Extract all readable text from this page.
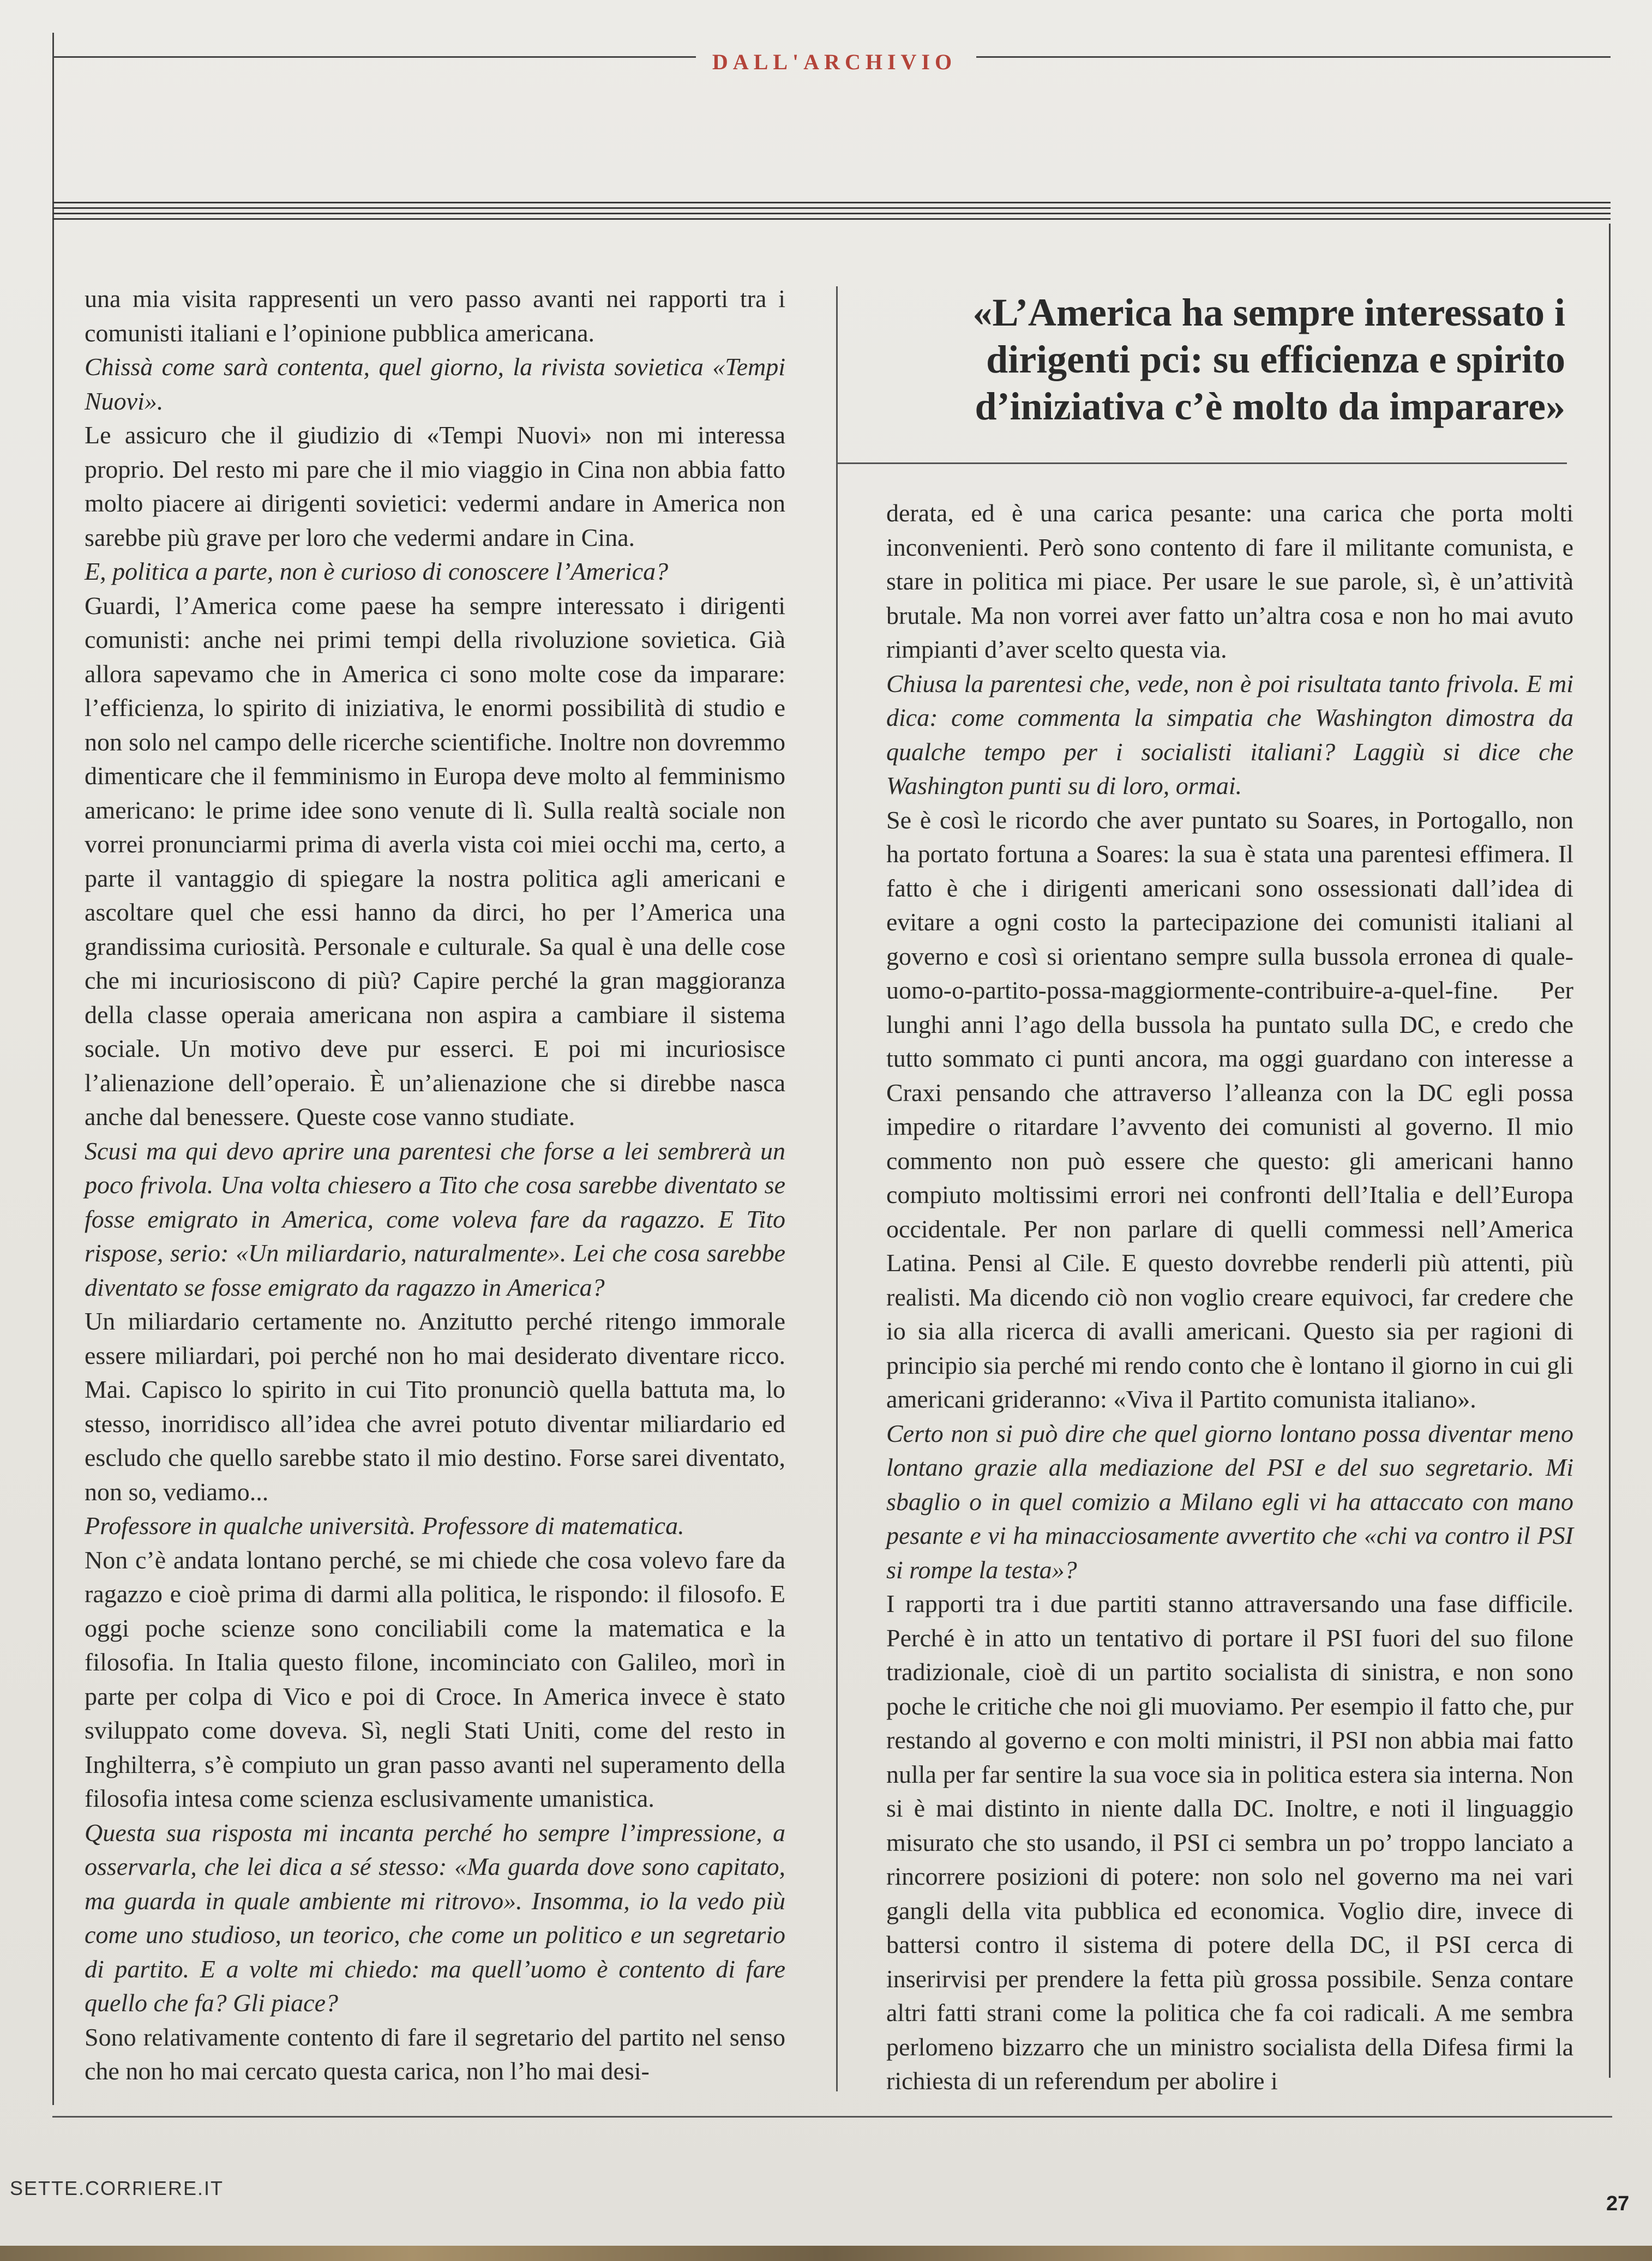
DALL'ARCHIVIO

una mia visita rappresenti un vero passo avanti nei rapporti tra i comunisti italiani e l’opinione pubblica americana.

Chissà come sarà contenta, quel giorno, la rivista sovietica «Tempi Nuovi».

Le assicuro che il giudizio di «Tempi Nuovi» non mi interessa proprio. Del resto mi pare che il mio viaggio in Cina non abbia fatto molto piacere ai dirigenti sovietici: vedermi andare in America non sarebbe più grave per loro che vedermi andare in Cina.

E, politica a parte, non è curioso di conoscere l’America?

Guardi, l’America come paese ha sempre interessato i dirigenti comunisti: anche nei primi tempi della rivoluzione sovietica. Già allora sapevamo che in America ci sono molte cose da imparare: l’efficienza, lo spirito di iniziativa, le enormi possibilità di studio e non solo nel campo delle ricerche scientifiche. Inoltre non dovremmo dimenticare che il femminismo in Europa deve molto al femminismo americano: le prime idee sono venute di lì. Sulla realtà sociale non vorrei pronunciarmi prima di averla vista coi miei occhi ma, certo, a parte il vantaggio di spiegare la nostra politica agli americani e ascoltare quel che essi hanno da dirci, ho per l’America una grandissima curiosità. Personale e culturale. Sa qual è una delle cose che mi incuriosiscono di più? Capire perché la gran maggioranza della classe operaia americana non aspira a cambiare il sistema sociale. Un motivo deve pur esserci. E poi mi incuriosisce l’alienazione dell’operaio. È un’alienazione che si direbbe nasca anche dal benessere. Queste cose vanno studiate.

Scusi ma qui devo aprire una parentesi che forse a lei sembrerà un poco frivola. Una volta chiesero a Tito che cosa sarebbe diventato se fosse emigrato in America, come voleva fare da ragazzo. E Tito rispose, serio: «Un miliardario, naturalmente». Lei che cosa sarebbe diventato se fosse emigrato da ragazzo in America?

Un miliardario certamente no. Anzitutto perché ritengo immorale essere miliardari, poi perché non ho mai desiderato diventare ricco. Mai. Capisco lo spirito in cui Tito pronunciò quella battuta ma, lo stesso, inorridisco all’idea che avrei potuto diventar miliardario ed escludo che quello sarebbe stato il mio destino. Forse sarei diventato, non so, vediamo...

Professore in qualche università. Professore di matematica.

Non c’è andata lontano perché, se mi chiede che cosa volevo fare da ragazzo e cioè prima di darmi alla politica, le rispondo: il filosofo. E oggi poche scienze sono conciliabili come la matematica e la filosofia. In Italia questo filone, incominciato con Galileo, morì in parte per colpa di Vico e poi di Croce. In America invece è stato sviluppato come doveva. Sì, negli Stati Uniti, come del resto in Inghilterra, s’è compiuto un gran passo avanti nel superamento della filosofia intesa come scienza esclusivamente umanistica.

Questa sua risposta mi incanta perché ho sempre l’impressione, a osservarla, che lei dica a sé stesso: «Ma guarda dove sono capitato, ma guarda in quale ambiente mi ritrovo». Insomma, io la vedo più come uno studioso, un teorico, che come un politico e un segretario di partito. E a volte mi chiedo: ma quell’uomo è contento di fare quello che fa? Gli piace?

Sono relativamente contento di fare il segretario del partito nel senso che non ho mai cercato questa carica, non l’ho mai desi-

«L’America ha sempre interessato i dirigenti pci: su efficienza e spirito d’iniziativa c’è molto da imparare»

derata, ed è una carica pesante: una carica che porta molti inconvenienti. Però sono contento di fare il militante comunista, e stare in politica mi piace. Per usare le sue parole, sì, è un’attività brutale. Ma non vorrei aver fatto un’altra cosa e non ho mai avuto rimpianti d’aver scelto questa via.

Chiusa la parentesi che, vede, non è poi risultata tanto frivola. E mi dica: come commenta la simpatia che Washington dimostra da qualche tempo per i socialisti italiani? Laggiù si dice che Washington punti su di loro, ormai.

Se è così le ricordo che aver puntato su Soares, in Portogallo, non ha portato fortuna a Soares: la sua è stata una parentesi effimera. Il fatto è che i dirigenti americani sono ossessionati dall’idea di evitare a ogni costo la partecipazione dei comunisti italiani al governo e così si orientano sempre sulla bussola erronea di quale-uomo-o-partito-possa-maggiormente-contribuire-a-quel-fine. Per lunghi anni l’ago della bussola ha puntato sulla DC, e credo che tutto sommato ci punti ancora, ma oggi guardano con interesse a Craxi pensando che attraverso l’alleanza con la DC egli possa impedire o ritardare l’avvento dei comunisti al governo. Il mio commento non può essere che questo: gli americani hanno compiuto moltissimi errori nei confronti dell’Italia e dell’Europa occidentale. Per non parlare di quelli commessi nell’America Latina. Pensi al Cile. E questo dovrebbe renderli più attenti, più realisti. Ma dicendo ciò non voglio creare equivoci, far credere che io sia alla ricerca di avalli americani. Questo sia per ragioni di principio sia perché mi rendo conto che è lontano il giorno in cui gli americani grideranno: «Viva il Partito comunista italiano».

Certo non si può dire che quel giorno lontano possa diventar meno lontano grazie alla mediazione del PSI e del suo segretario. Mi sbaglio o in quel comizio a Milano egli vi ha attaccato con mano pesante e vi ha minacciosamente avvertito che «chi va contro il PSI si rompe la testa»?

I rapporti tra i due partiti stanno attraversando una fase difficile. Perché è in atto un tentativo di portare il PSI fuori del suo filone tradizionale, cioè di un partito socialista di sinistra, e non sono poche le critiche che noi gli muoviamo. Per esempio il fatto che, pur restando al governo e con molti ministri, il PSI non abbia mai fatto nulla per far sentire la sua voce sia in politica estera sia interna. Non si è mai distinto in niente dalla DC. Inoltre, e noti il linguaggio misurato che sto usando, il PSI ci sembra un po’ troppo lanciato a rincorrere posizioni di potere: non solo nel governo ma nei vari gangli della vita pubblica ed economica. Voglio dire, invece di battersi contro il sistema di potere della DC, il PSI cerca di inserirvisi per prendere la fetta più grossa possibile. Senza contare altri fatti strani come la politica che fa coi radicali. A me sembra perlomeno bizzarro che un ministro socialista della Difesa firmi la richiesta di un referendum per abolire i

SETTE.CORRIERE.IT
27
